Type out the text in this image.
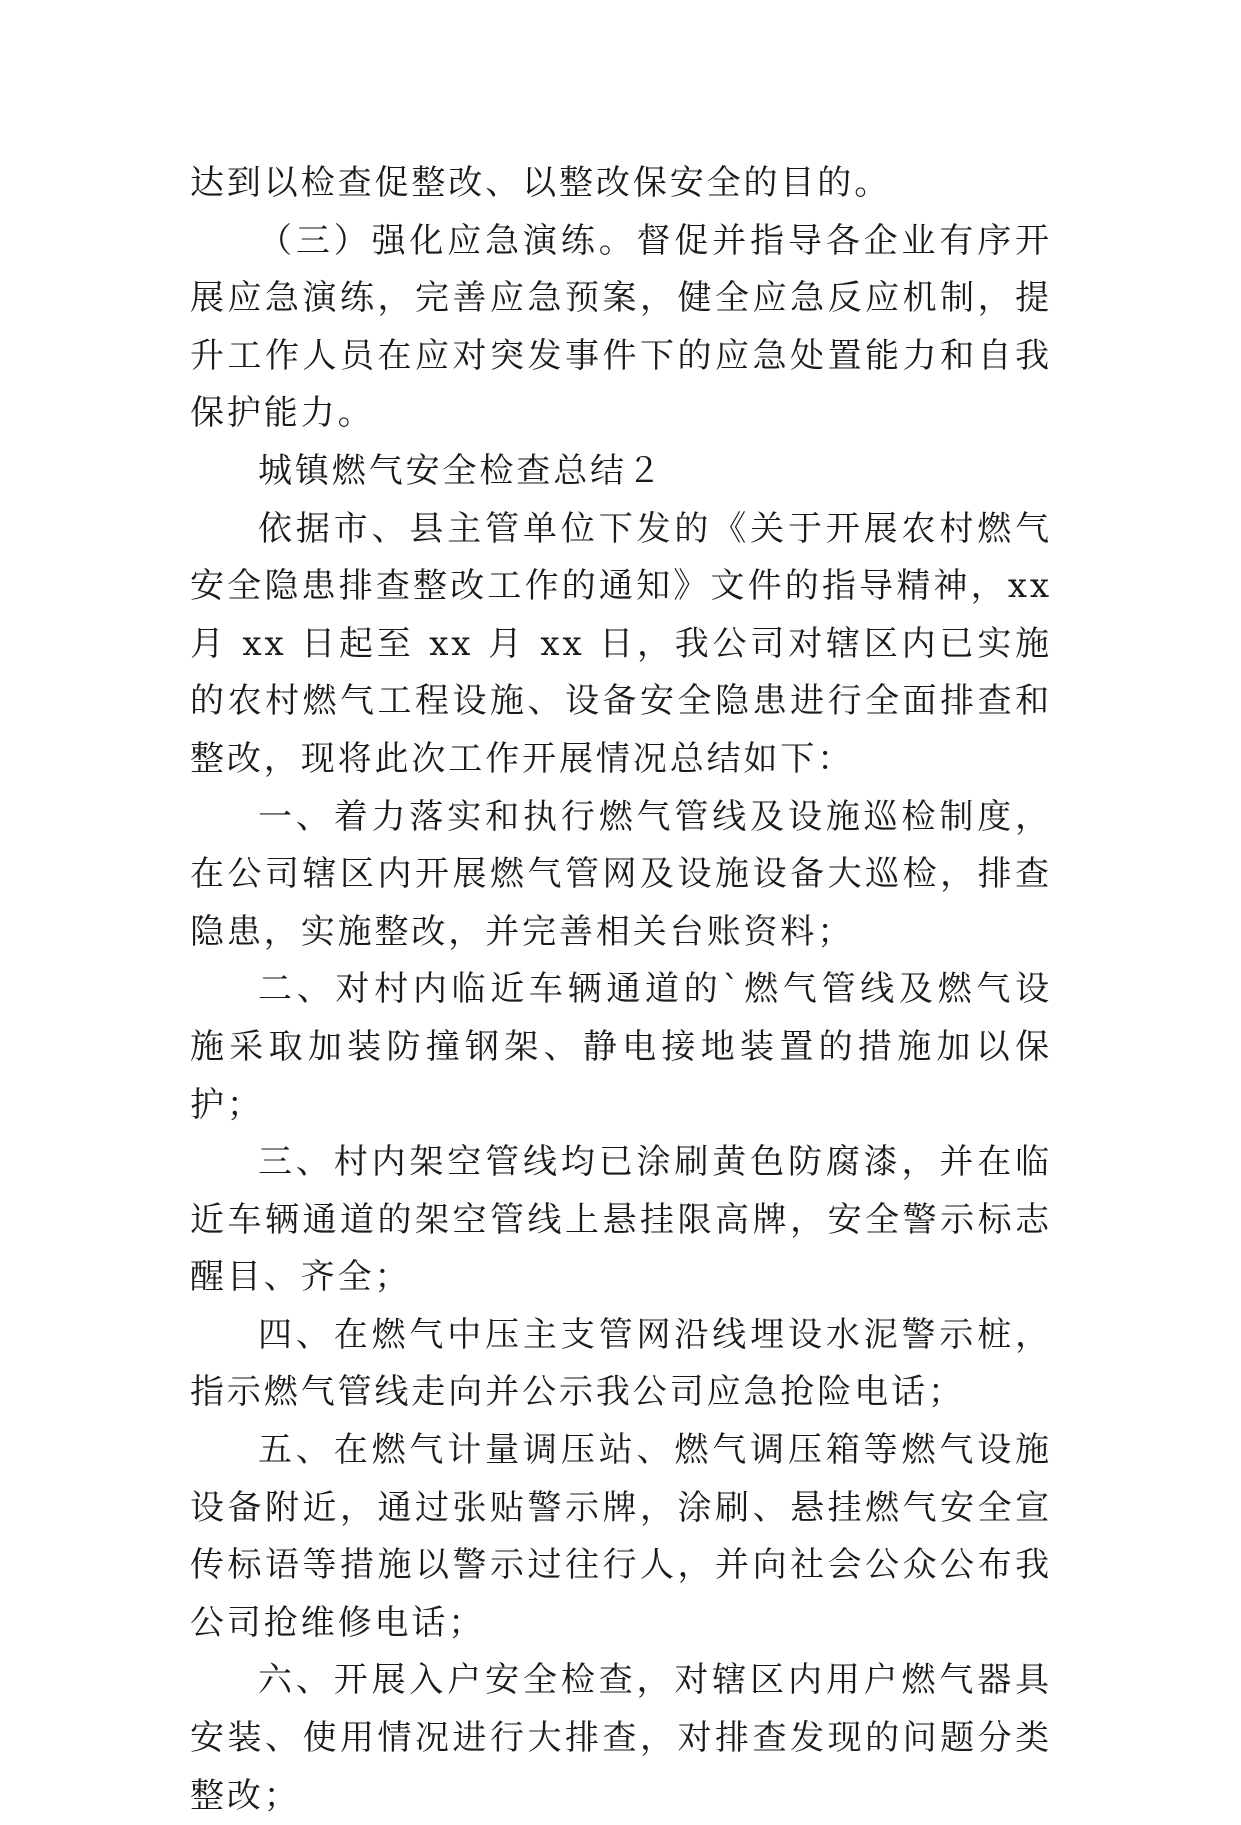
达到以检查促整改、以整改保安全的目的。

（三）强化应急演练。督促并指导各企业有序开展应急演练，完善应急预案，健全应急反应机制，提升工作人员在应对突发事件下的应急处置能力和自我保护能力。

城镇燃气安全检查总结２

依据市、县主管单位下发的《关于开展农村燃气安全隐患排查整改工作的通知》文件的指导精神，xx 月 xx 日起至 xx 月 xx 日，我公司对辖区内已实施的农村燃气工程设施、设备安全隐患进行全面排查和整改，现将此次工作开展情况总结如下：

一、着力落实和执行燃气管线及设施巡检制度，在公司辖区内开展燃气管网及设施设备大巡检，排查隐患，实施整改，并完善相关台账资料；

二、对村内临近车辆通道的`燃气管线及燃气设施采取加装防撞钢架、静电接地装置的措施加以保护；

三、村内架空管线均已涂刷黄色防腐漆，并在临近车辆通道的架空管线上悬挂限高牌，安全警示标志醒目、齐全；

四、在燃气中压主支管网沿线埋设水泥警示桩，指示燃气管线走向并公示我公司应急抢险电话；

五、在燃气计量调压站、燃气调压箱等燃气设施设备附近，通过张贴警示牌，涂刷、悬挂燃气安全宣传标语等措施以警示过往行人，并向社会公众公布我公司抢维修电话；

六、开展入户安全检查，对辖区内用户燃气器具安装、使用情况进行大排查，对排查发现的问题分类整改；
